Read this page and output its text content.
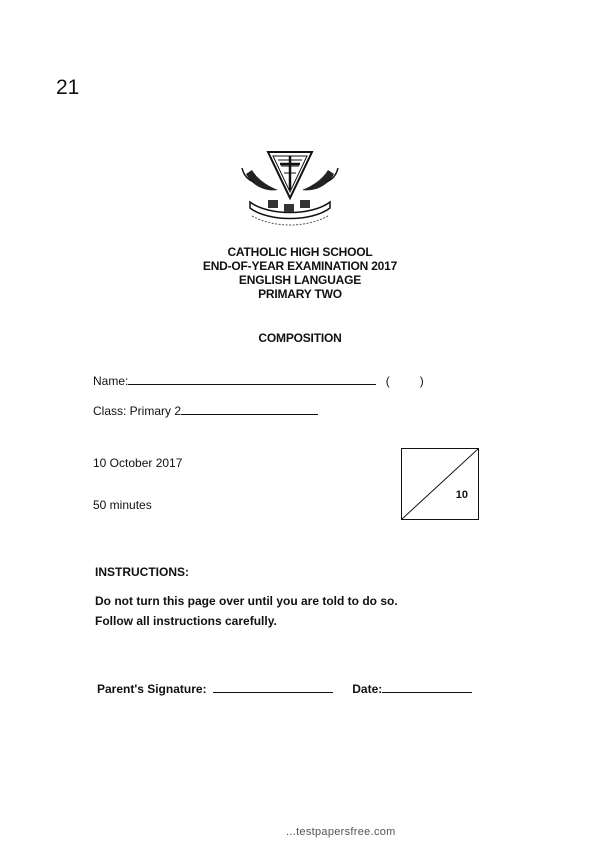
21
CATHOLIC HIGH SCHOOL
END-OF-YEAR EXAMINATION 2017
ENGLISH LANGUAGE
PRIMARY TWO
COMPOSITION
Name:	(	)
Class: Primary 2
10 October 2017
50 minutes
10
INSTRUCTIONS:
Do not turn this page over until you are told to do so.
Follow all instructions carefully.
Parent's Signature:	Date:
...testpapersfree.com
